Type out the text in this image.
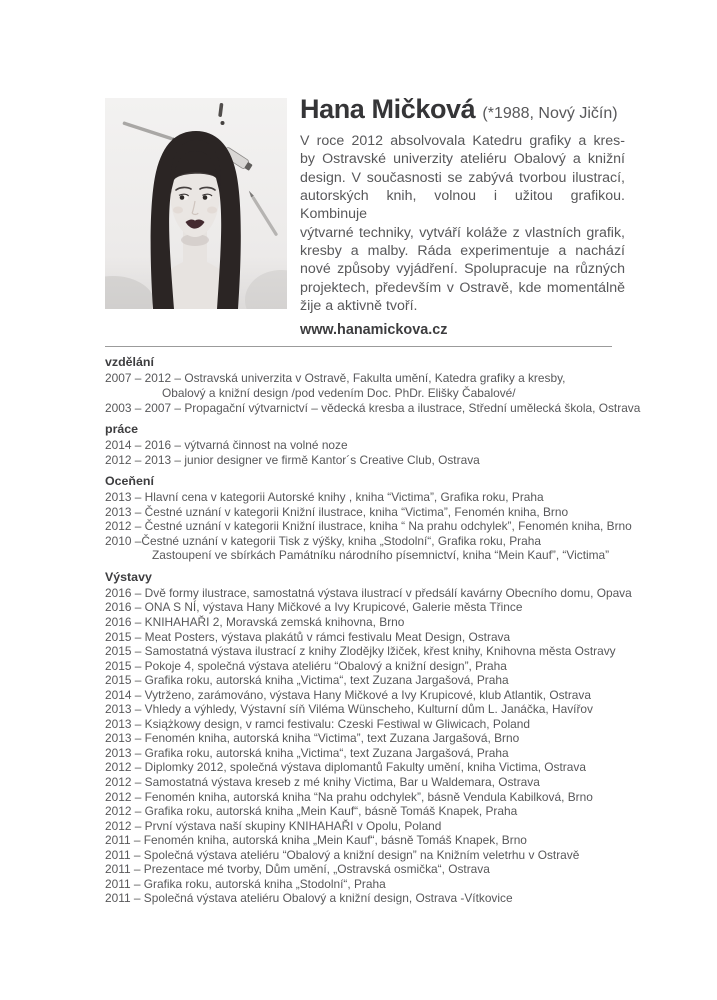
Hana Mičková (*1988, Nový Jičín)
V roce 2012 absolvovala Katedru grafiky a kres-
by Ostravské univerzity ateliéru Obalový a knižní
design. V současnosti se zabývá tvorbou ilustrací,
autorských knih, volnou i užitou grafikou. Kombinuje
výtvarné techniky, vytváří koláže z vlastních grafik,
kresby a malby. Ráda experimentuje a nachází
nové způsoby vyjádření. Spolupracuje na různých
projektech, především v Ostravě, kde momentálně
žije a aktivně tvoří.
www.hanamickova.cz
vzdělání
2007 – 2012 – Ostravská univerzita v Ostravě, Fakulta umění, Katedra grafiky a kresby,
Obalový a knižní design /pod vedením Doc. PhDr. Elišky Čabalové/
2003 – 2007 – Propagační výtvarnictví – vědecká kresba a ilustrace, Střední umělecká škola, Ostrava
práce
2014 – 2016 – výtvarná činnost na volné noze
2012 – 2013 – junior designer ve firmě Kantor´s Creative Club, Ostrava
Oceňení
2013 – Hlavní cena v kategorii Autorské knihy , kniha “Victima”, Grafika roku, Praha
2013 – Čestné uznání v kategorii Knižní ilustrace, kniha “Victima”, Fenomén kniha, Brno
2012 – Čestné uznání v kategorii Knižní ilustrace, kniha “ Na prahu odchylek”, Fenomén kniha, Brno
2010 –Čestné uznání v kategorii Tisk z výšky, kniha „Stodolní“, Grafika roku, Praha
Zastoupení ve sbírkách Památníku národního písemnictví, kniha “Mein Kauf”, “Victima”
Výstavy
2016 – Dvě formy ilustrace, samostatná výstava ilustrací v předsálí kavárny Obecního domu, Opava
2016 – ONA S NÍ, výstava Hany Mičkové a Ivy Krupicové, Galerie města Třince
2016 – KNIHAHAŘI 2, Moravská zemská knihovna, Brno
2015 – Meat Posters, výstava plakátů v rámci festivalu Meat Design, Ostrava
2015 – Samostatná výstava ilustrací z knihy Zlodějky lžiček, křest knihy, Knihovna města Ostravy
2015 – Pokoje 4, společná výstava ateliéru “Obalový a knižní design”, Praha
2015 – Grafika roku, autorská kniha „Victima“, text Zuzana Jargašová, Praha
2014 – Vytrženo, zarámováno, výstava Hany Mičkové a Ivy Krupicové, klub Atlantik, Ostrava
2013 – Vhledy a výhledy, Výstavní síň Viléma Wünscheho, Kulturní dům L. Janáčka, Havířov
2013 – Książkowy design, v ramci festivalu: Czeski Festiwal w Gliwicach, Poland
2013 – Fenomén kniha, autorská kniha “Victima”, text Zuzana Jargašová, Brno
2013 – Grafika roku, autorská kniha „Victima“, text Zuzana Jargašová, Praha
2012 – Diplomky 2012, společná výstava diplomantů Fakulty umění, kniha Victima, Ostrava
2012 – Samostatná výstava kreseb z mé knihy Victima, Bar u Waldemara, Ostrava
2012 – Fenomén kniha, autorská kniha “Na prahu odchylek”, básně Vendula Kabilková, Brno
2012 – Grafika roku, autorská kniha „Mein Kauf“, básně Tomáš Knapek, Praha
2012 – První výstava naší skupiny KNIHAHAŘI v Opolu, Poland
2011 – Fenomén kniha, autorská kniha „Mein Kauf“, básně Tomáš Knapek, Brno
2011 – Společná výstava ateliéru “Obalový a knižní design” na Knižním veletrhu v Ostravě
2011 – Prezentace mé tvorby, Dům umění, „Ostravská osmička“, Ostrava
2011 – Grafika roku, autorská kniha „Stodolní“, Praha
2011 – Společná výstava ateliéru Obalový a knižní design, Ostrava -Vítkovice
